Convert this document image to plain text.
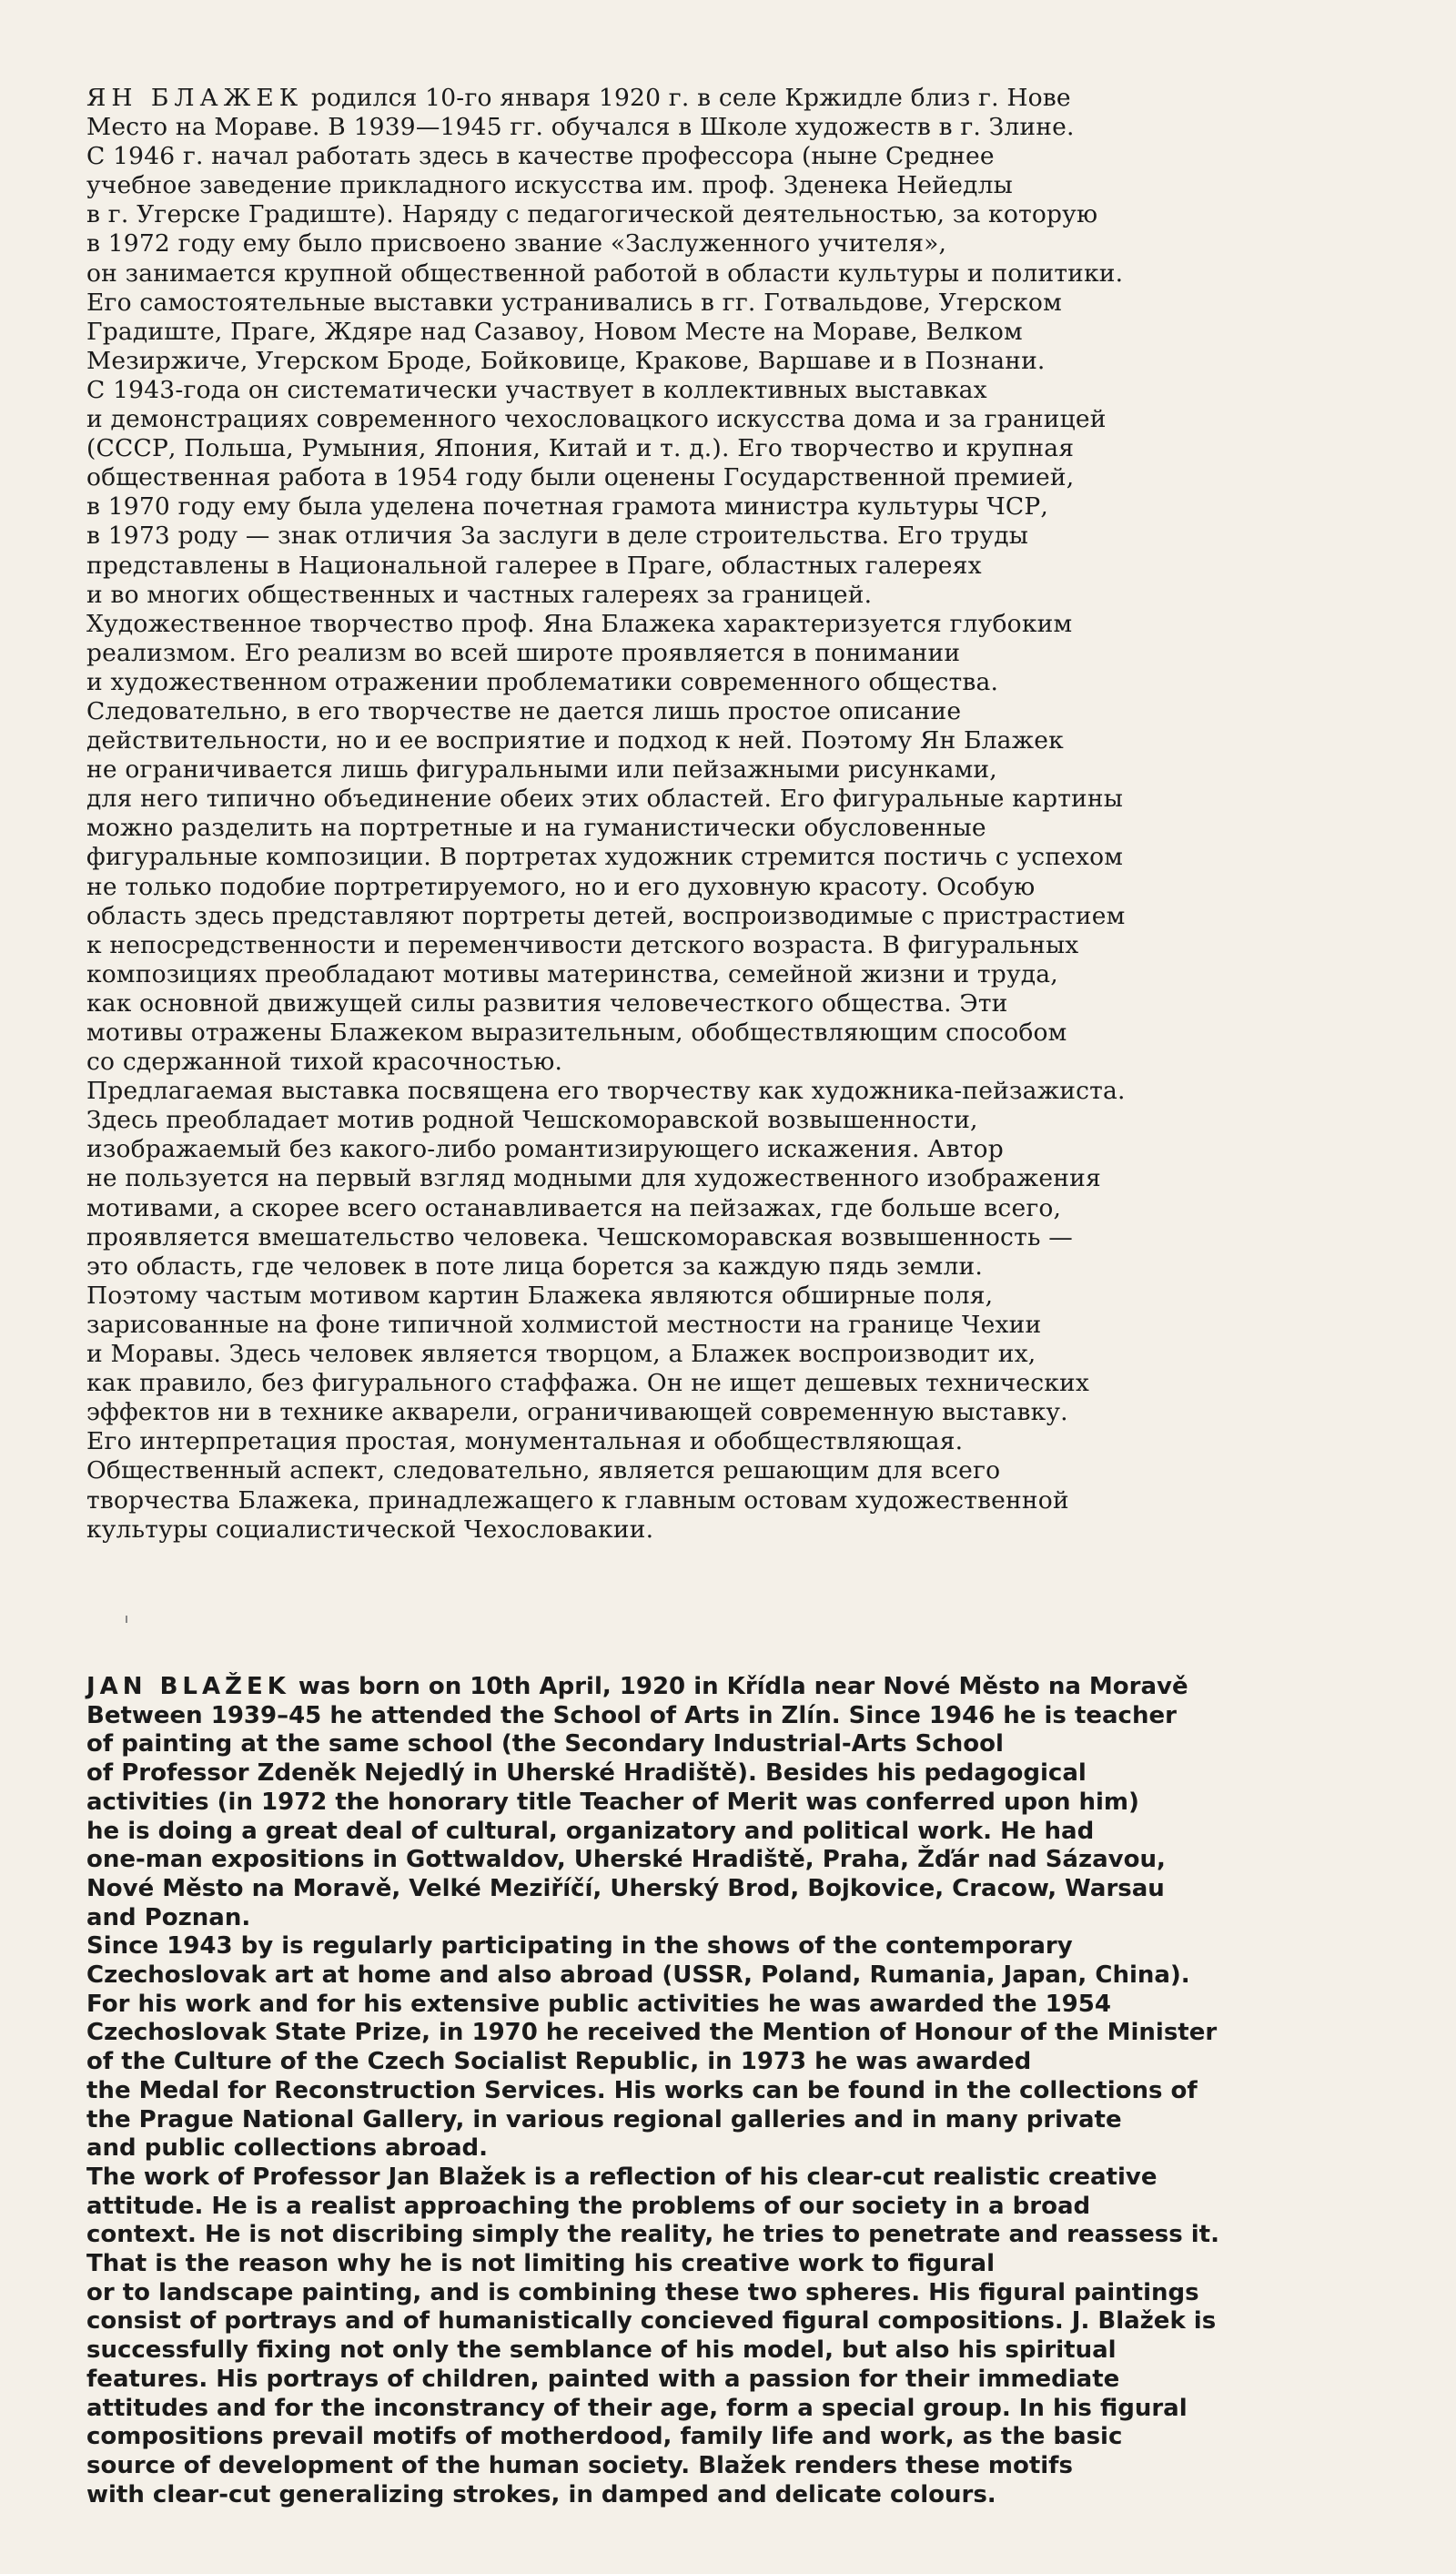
ЯН БЛАЖЕК родился 10-го января 1920 г. в селе Кржидле близ г. Нове
Место на Мораве. В 1939—1945 гг. обучался в Школе художеств в г. Злине.
С 1946 г. начал работать здесь в качестве профессора (ныне Среднее
учебное заведение прикладного искусства им. проф. Зденека Нейедлы
в г. Угерске Градиште). Наряду с педагогической деятельностью, за которую
в 1972 году ему было присвоено звание «Заслуженного учителя»,
он занимается крупной общественной работой в области культуры и политики.
Его самостоятельные выставки устранивались в гг. Готвальдове, Угерском
Градиште, Праге, Ждяре над Сазавоу, Новом Месте на Мораве, Велком
Мезиржиче, Угерском Броде, Бойковице, Кракове, Варшаве и в Познани.
С 1943-года он систематически участвует в коллективных выставках
и демонстрациях современного чехословацкого искусства дома и за границей
(СССР, Польша, Румыния, Япония, Китай и т. д.). Его творчество и крупная
общественная работа в 1954 году были оценены Государственной премией,
в 1970 году ему была уделена почетная грамота министра культуры ЧСР,
в 1973 роду — знак отличия За заслуги в деле строительства. Его труды
представлены в Национальной галерее в Праге, областных галереях
и во многих общественных и частных галереях за границей.
Художественное творчество проф. Яна Блажека характеризуется глубоким
реализмом. Его реализм во всей широте проявляется в понимании
и художественном отражении проблематики современного общества.
Следовательно, в его творчестве не дается лишь простое описание
действительности, но и ее восприятие и подход к ней. Поэтому Ян Блажек
не ограничивается лишь фигуральными или пейзажными рисунками,
для него типично объединение обеих этих областей. Его фигуральные картины
можно разделить на портретные и на гуманистически обусловенные
фигуральные композиции. В портретах художник стремится постичь с успехом
не только подобие портретируемого, но и его духовную красоту. Особую
область здесь представляют портреты детей, воспроизводимые с пристрастием
к непосредственности и переменчивости детского возраста. В фигуральных
композициях преобладают мотивы материнства, семейной жизни и труда,
как основной движущей силы развития человечесткого общества. Эти
мотивы отражены Блажеком выразительным, обобществляющим способом
со сдержанной тихой красочностью.
Предлагаемая выставка посвящена его творчеству как художника-пейзажиста.
Здесь преобладает мотив родной Чешскоморавской возвышенности,
изображаемый без какого-либо романтизирующего искажения. Автор
не пользуется на первый взгляд модными для художественного изображения
мотивами, а скорее всего останавливается на пейзажах, где больше всего,
проявляется вмешательство человека. Чешскоморавская возвышенность —
это область, где человек в поте лица борется за каждую пядь земли.
Поэтому частым мотивом картин Блажека являются обширные поля,
зарисованные на фоне типичной холмистой местности на границе Чехии
и Моравы. Здесь человек является творцом, а Блажек воспроизводит их,
как правило, без фигурального стаффажа. Он не ищет дешевых технических
эффектов ни в технике акварели, ограничивающей современную выставку.
Его интерпретация простая, монументальная и обобществляющая.
Общественный аспект, следовательно, является решающим для всего
творчества Блажека, принадлежащего к главным остовам художественной
культуры социалистической Чехословакии.
JAN BLAŽEK was born on 10th April, 1920 in Křídla near Nové Město na Moravě
Between 1939–45 he attended the School of Arts in Zlín. Since 1946 he is teacher
of painting at the same school (the Secondary Industrial-Arts School
of Professor Zdeněk Nejedlý in Uherské Hradiště). Besides his pedagogical
activities (in 1972 the honorary title Teacher of Merit was conferred upon him)
he is doing a great deal of cultural, organizatory and political work. He had
one-man expositions in Gottwaldov, Uherské Hradiště, Praha, Žďár nad Sázavou,
Nové Město na Moravě, Velké Meziříčí, Uherský Brod, Bojkovice, Cracow, Warsau
and Poznan.
Since 1943 by is regularly participating in the shows of the contemporary
Czechoslovak art at home and also abroad (USSR, Poland, Rumania, Japan, China).
For his work and for his extensive public activities he was awarded the 1954
Czechoslovak State Prize, in 1970 he received the Mention of Honour of the Minister
of the Culture of the Czech Socialist Republic, in 1973 he was awarded
the Medal for Reconstruction Services. His works can be found in the collections of
the Prague National Gallery, in various regional galleries and in many private
and public collections abroad.
The work of Professor Jan Blažek is a reflection of his clear-cut realistic creative
attitude. He is a realist approaching the problems of our society in a broad
context. He is not discribing simply the reality, he tries to penetrate and reassess it.
That is the reason why he is not limiting his creative work to figural
or to landscape painting, and is combining these two spheres. His figural paintings
consist of portrays and of humanistically concieved figural compositions. J. Blažek is
successfully fixing not only the semblance of his model, but also his spiritual
features. His portrays of children, painted with a passion for their immediate
attitudes and for the inconstrancy of their age, form a special group. In his figural
compositions prevail motifs of motherdood, family life and work, as the basic
source of development of the human society. Blažek renders these motifs
with clear-cut generalizing strokes, in damped and delicate colours.
